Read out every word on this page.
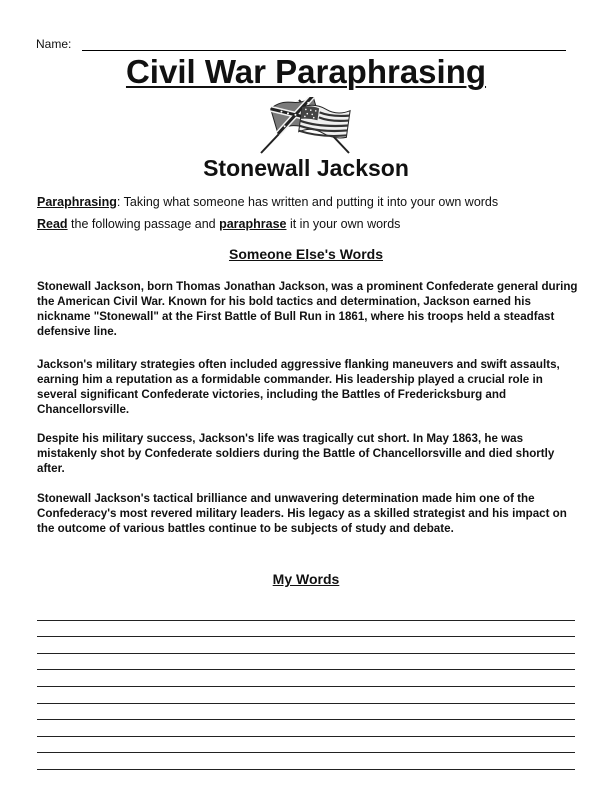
Name:
Civil War Paraphrasing
Stonewall Jackson
Paraphrasing: Taking what someone has written and putting it into your own words
Read the following passage and paraphrase it in your own words
Someone Else's Words

Stonewall Jackson, born Thomas Jonathan Jackson, was a prominent Confederate general during the American Civil War. Known for his bold tactics and determination, Jackson earned his nickname "Stonewall" at the First Battle of Bull Run in 1861, where his troops held a steadfast defensive line.

Jackson's military strategies often included aggressive flanking maneuvers and swift assaults, earning him a reputation as a formidable commander. His leadership played a crucial role in several significant Confederate victories, including the Battles of Fredericksburg and Chancellorsville.

Despite his military success, Jackson's life was tragically cut short. In May 1863, he was mistakenly shot by Confederate soldiers during the Battle of Chancellorsville and died shortly after.

Stonewall Jackson's tactical brilliance and unwavering determination made him one of the Confederacy's most revered military leaders. His legacy as a skilled strategist and his impact on the outcome of various battles continue to be subjects of study and debate.

My Words
